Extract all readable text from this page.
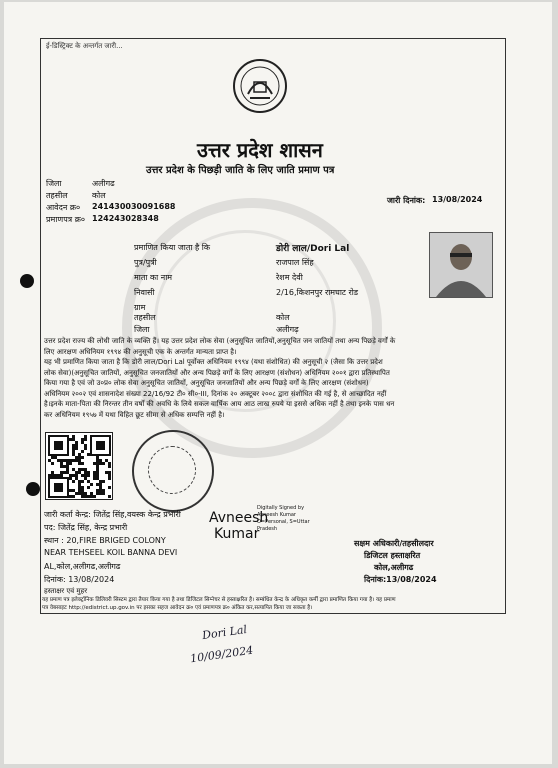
ई-डिस्ट्रिक्ट के अन्तर्गत जारी...
उत्तर प्रदेश शासन
उत्तर प्रदेश के पिछड़ी जाति के लिए जाति प्रमाण पत्र
जिला	अलीगढ
तहसील	कोल
आवेदन क्र० 241430030091688
प्रमाणपत्र क्र० 124243028348
जारी दिनांक: 13/08/2024
प्रमाणित किया जाता है कि	डोरी लाल/Dori Lal
पुत्र/पुत्री	राजपाल सिंह
माता का नाम	रेशम देवी
निवासी	2/16,किशनपुर रामघाट रोड
ग्राम
तहसील	कोल
जिला	अलीगढ़
उत्तर प्रदेश राज्य की लोधी जाति के व्यक्ति हैं। यह उत्तर प्रदेश लोक सेवा (अनुसूचित जातियों,अनुसूचित जन जातियों तथा अन्य पिछड़े वर्गों के
लिए आरक्षण अधिनियम १९९४ की अनुसूची एक के अन्तर्गत मान्यता प्राप्त है।
यह भी प्रमाणित किया जाता है कि डोरी लाल/Dori Lal पूर्वोक्त अधिनियम १९९४ (यथा संशोधित) की अनुसूची २ (जैसा कि उत्तर प्रदेश
लोक सेवा)(अनुसूचित जातियों, अनुसूचित जनजातियों और अन्य पिछड़े वर्गों के लिए आरक्षण (संशोधन) अधिनियम २००१ द्वारा प्रतिस्थापित
किया गया है एवं जो उ०प्र० लोक सेवा अनुसूचित जातियों, अनुसूचित जनजातियों और अन्य पिछड़े वर्गों के लिए आरक्षण (संशोधन)
अधिनियम २००२ एवं शासनादेश संख्या 22/16/92 टी० सी०-III, दिनांक २० अक्टूबर २००८ द्वारा संशोधित की गई है, से आच्छादित नहीं
है।इनके माता-पिता की निरन्तर तीन वर्षों की अवधि के लिये सकल वार्षिक आय आठ लाख रुपये या इससे अधिक नहीं है तथा इनके पास धन
कर अधिनियम १९५७ में यथा विहित छूट सीमा से अधिक सम्पत्ति नहीं है।
जारी कर्ता केन्द्र: जितेंद्र सिंह,वयस्क केन्द्र प्रभारी
पद: जितेंद्र सिंह, केन्द्र प्रभारी
स्थान : 20,FIRE BRIGED COLONY
NEAR TEHSEEL KOIL BANNA DEVI
AL,कोल,अलीगढ,अलीगढ
दिनांक: 13/08/2024
हस्ताक्षर एवं मुहर
Avneesh
Kumar
Digitally Signed by
Avneesh Kumar
O=Personal, S=Uttar
Pradesh
सक्षम अधिकारी/तहसीलदार
डिजिटल हस्ताक्षरित
कोल,अलीगढ
दिनांक:13/08/2024
यह प्रमाण पत्र इलेक्ट्रॉनिक डिलिवरी सिस्टम द्वारा तैयार किया गया है तथा डिजिटल सिग्नेचर से हस्ताक्षरित है। सम्बंधित केन्द्र के अधिकृत कर्मी द्वारा प्रमाणित किया गया है। यह प्रमाण
पत्र वेबसाइट http://edistrict.up.gov.in पर इसका सहज आवेदन क्र० एवं प्रमाणपत्र क्र० अंकित कर,सत्यापित किया जा सकता है।
Dori Lal
10/09/2024
